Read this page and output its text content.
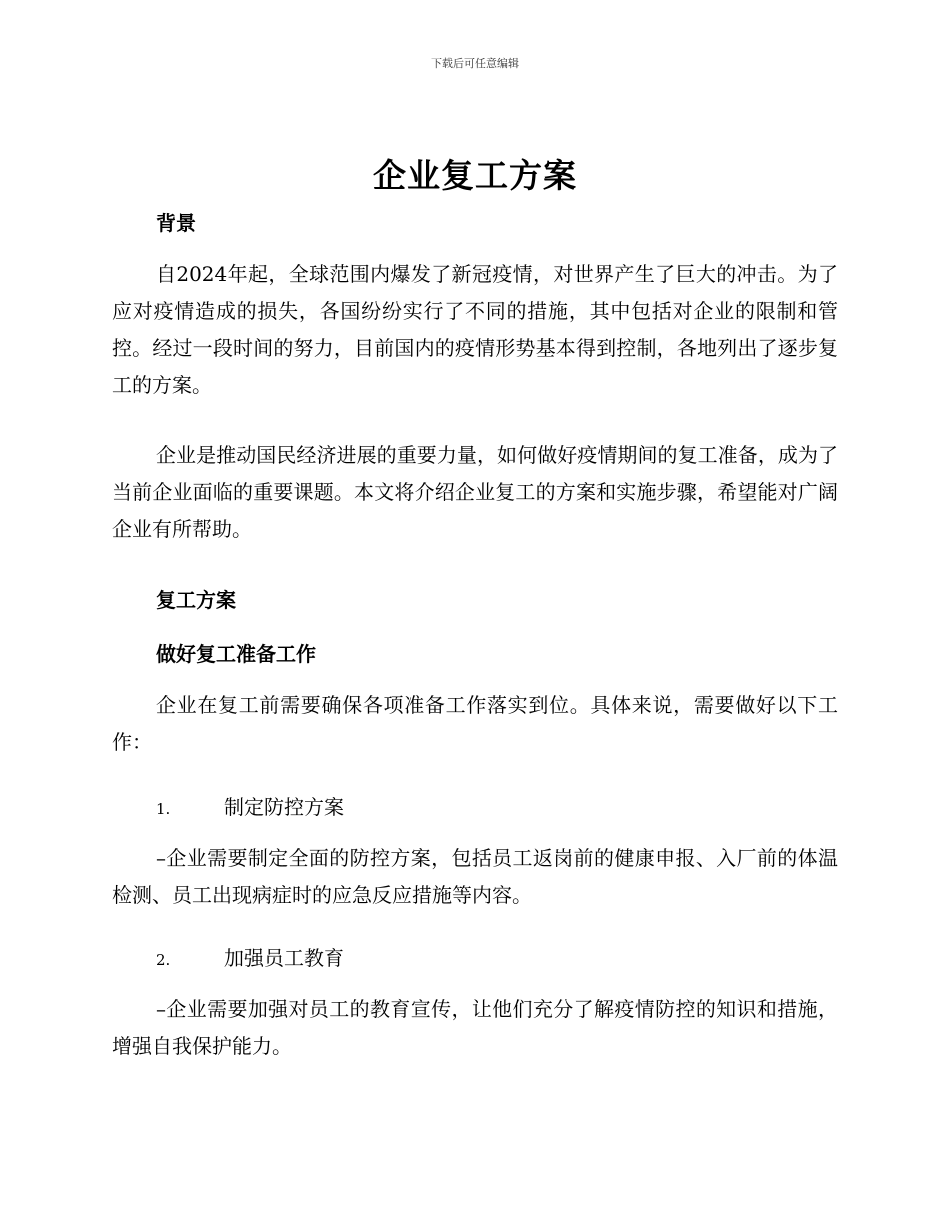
下载后可任意编辑
企业复工方案
背景
自2024年起，全球范围内爆发了新冠疫情，对世界产生了巨大的冲击。为了应对疫情造成的损失，各国纷纷实行了不同的措施，其中包括对企业的限制和管控。经过一段时间的努力，目前国内的疫情形势基本得到控制，各地列出了逐步复工的方案。
企业是推动国民经济进展的重要力量，如何做好疫情期间的复工准备，成为了当前企业面临的重要课题。本文将介绍企业复工的方案和实施步骤，希望能对广阔企业有所帮助。
复工方案
做好复工准备工作
企业在复工前需要确保各项准备工作落实到位。具体来说，需要做好以下工作：
1.	制定防控方案
–企业需要制定全面的防控方案，包括员工返岗前的健康申报、入厂前的体温检测、员工出现病症时的应急反应措施等内容。
2.	加强员工教育
–企业需要加强对员工的教育宣传，让他们充分了解疫情防控的知识和措施，增强自我保护能力。
